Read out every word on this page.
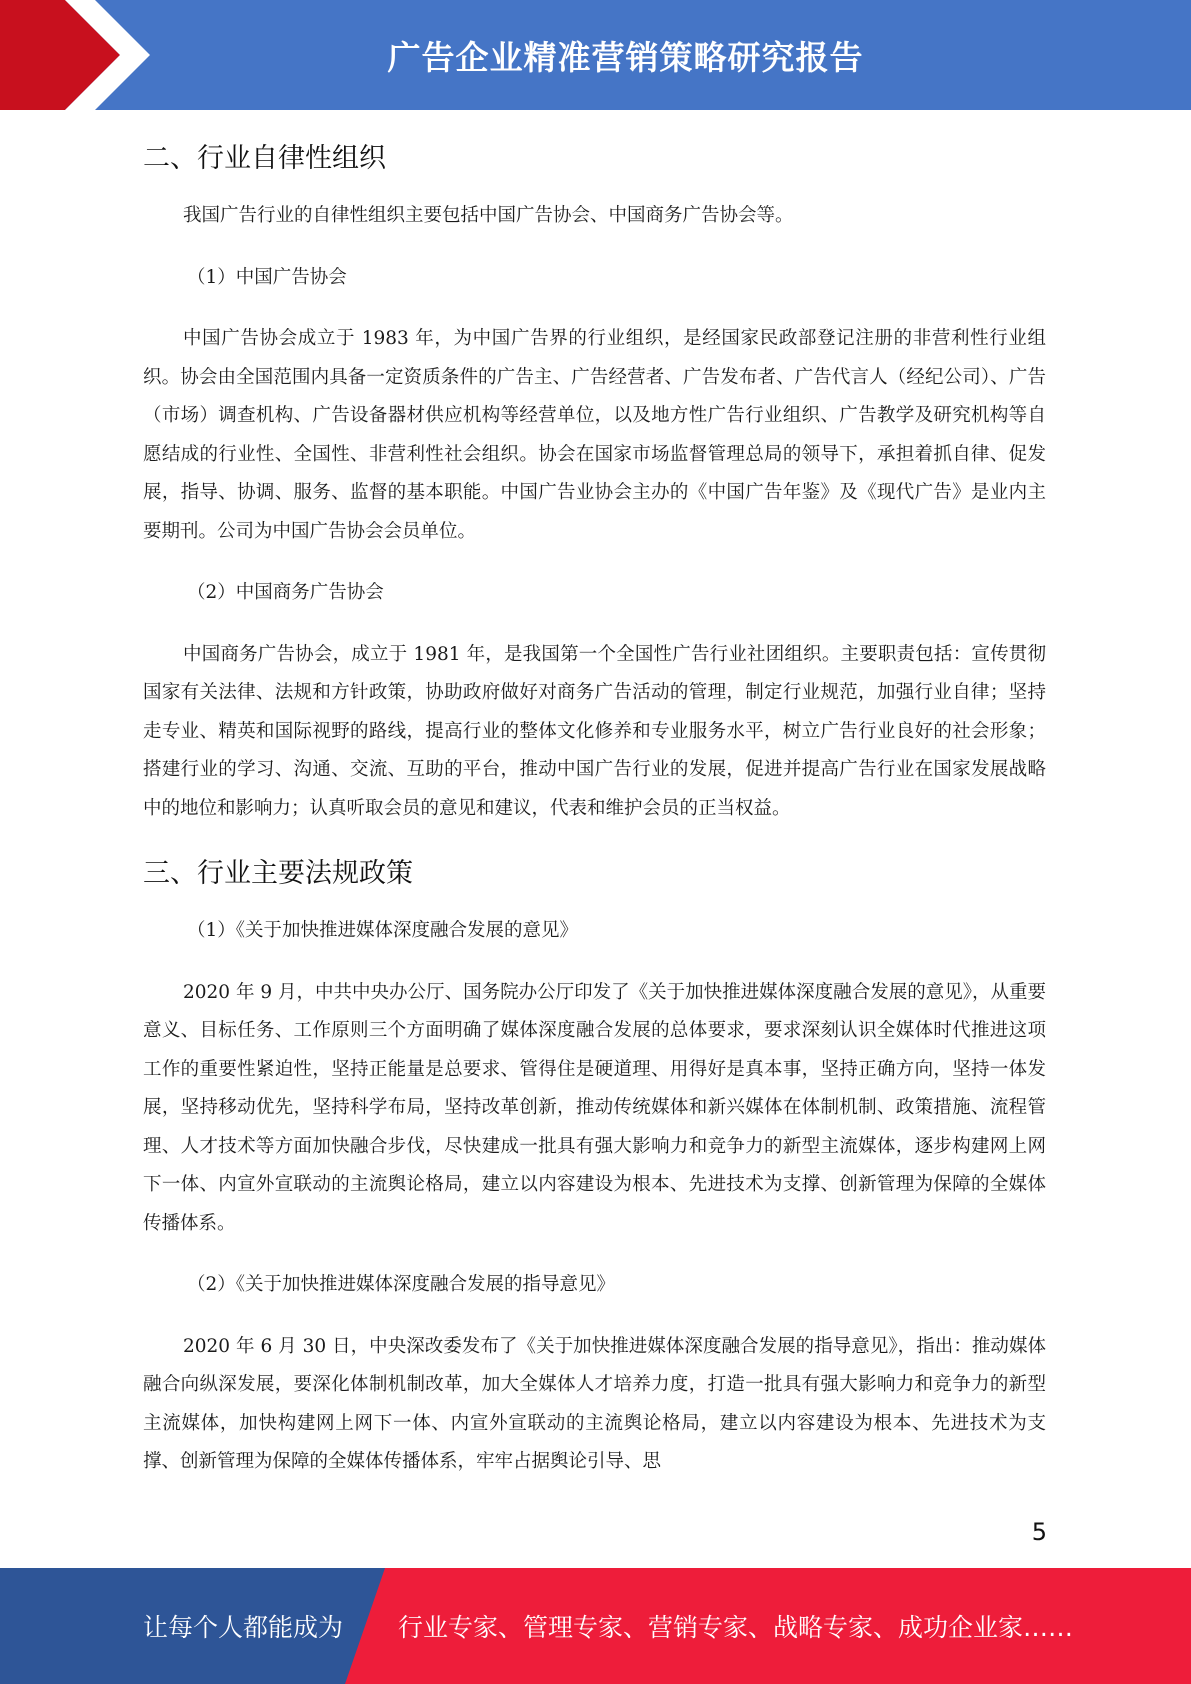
广告企业精准营销策略研究报告
二、行业自律性组织

我国广告行业的自律性组织主要包括中国广告协会、中国商务广告协会等。

（1）中国广告协会

中国广告协会成立于 1983 年，为中国广告界的行业组织，是经国家民政部登记注册的非营利性行业组织。协会由全国范围内具备一定资质条件的广告主、广告经营者、广告发布者、广告代言人（经纪公司）、广告（市场）调查机构、广告设备器材供应机构等经营单位，以及地方性广告行业组织、广告教学及研究机构等自愿结成的行业性、全国性、非营利性社会组织。协会在国家市场监督管理总局的领导下，承担着抓自律、促发展，指导、协调、服务、监督的基本职能。中国广告业协会主办的《中国广告年鉴》及《现代广告》是业内主要期刊。公司为中国广告协会会员单位。

（2）中国商务广告协会

中国商务广告协会，成立于 1981 年，是我国第一个全国性广告行业社团组织。主要职责包括：宣传贯彻国家有关法律、法规和方针政策，协助政府做好对商务广告活动的管理，制定行业规范，加强行业自律；坚持走专业、精英和国际视野的路线，提高行业的整体文化修养和专业服务水平，树立广告行业良好的社会形象；搭建行业的学习、沟通、交流、互助的平台，推动中国广告行业的发展，促进并提高广告行业在国家发展战略中的地位和影响力；认真听取会员的意见和建议，代表和维护会员的正当权益。

三、行业主要法规政策

（1）《关于加快推进媒体深度融合发展的意见》

2020 年 9 月，中共中央办公厅、国务院办公厅印发了《关于加快推进媒体深度融合发展的意见》，从重要意义、目标任务、工作原则三个方面明确了媒体深度融合发展的总体要求，要求深刻认识全媒体时代推进这项工作的重要性紧迫性，坚持正能量是总要求、管得住是硬道理、用得好是真本事，坚持正确方向，坚持一体发展，坚持移动优先，坚持科学布局，坚持改革创新，推动传统媒体和新兴媒体在体制机制、政策措施、流程管理、人才技术等方面加快融合步伐，尽快建成一批具有强大影响力和竞争力的新型主流媒体，逐步构建网上网下一体、内宣外宣联动的主流舆论格局，建立以内容建设为根本、先进技术为支撑、创新管理为保障的全媒体传播体系。

（2）《关于加快推进媒体深度融合发展的指导意见》

2020 年 6 月 30 日，中央深改委发布了《关于加快推进媒体深度融合发展的指导意见》，指出：推动媒体融合向纵深发展，要深化体制机制改革，加大全媒体人才培养力度，打造一批具有强大影响力和竞争力的新型主流媒体，加快构建网上网下一体、内宣外宣联动的主流舆论格局，建立以内容建设为根本、先进技术为支撑、创新管理为保障的全媒体传播体系，牢牢占据舆论引导、思

5
让每个人都能成为 行业专家、管理专家、营销专家、战略专家、成功企业家……
